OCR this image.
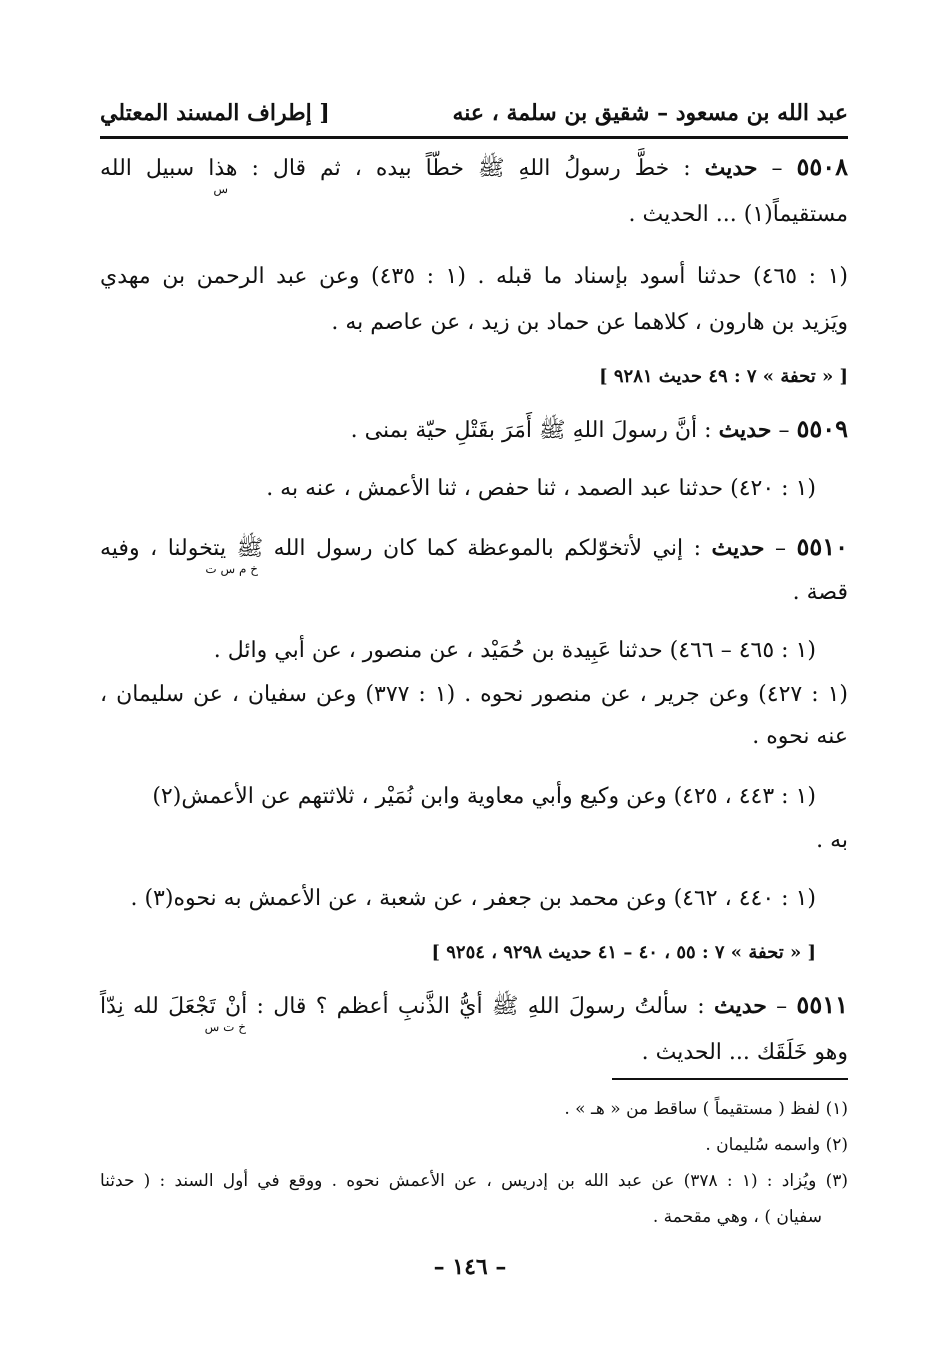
عبد الله بن مسعود – شقيق بن سلمة ، عنه
[ إطراف المسند المعتلي
٥٥٠٨ – حديث : خطَّ رسولُ اللهِ ﷺ خطّاً بيده ، ثم قال : هذا سبيل الله
س
مستقيماً(١) ... الحديث .
(١ : ٤٦٥) حدثنا أسود بإسناد ما قبله . (١ : ٤٣٥) وعن عبد الرحمن بن مهدي
ويَزيد بن هارون ، كلاهما عن حماد بن زيد ، عن عاصم به .
[ « تحفة » ٧ : ٤٩ حديث ٩٢٨١ ]
٥٥٠٩ – حديث : أنَّ رسولَ اللهِ ﷺ أَمَرَ بقَتْلِ حيّة بمنى .
(١ : ٤٢٠) حدثنا عبد الصمد ، ثنا حفص ، ثنا الأعمش ، عنه به .
٥٥١٠ – حديث : إني لأتخوّلكم بالموعظة كما كان رسول الله ﷺ يتخولنا ، وفيه
خ م س ت
قصة .
(١ : ٤٦٥ – ٤٦٦) حدثنا عَبِيدة بن حُمَيْد ، عن منصور ، عن أبي وائل .
(١ : ٤٢٧) وعن جرير ، عن منصور نحوه . (١ : ٣٧٧) وعن سفيان ، عن سليمان ،
عنه نحوه .
(١ : ٤٤٣ ، ٤٢٥) وعن وكيع وأبي معاوية وابن نُمَيْر ، ثلاثتهم عن الأعمش(٢)
به .
(١ : ٤٤٠ ، ٤٦٢) وعن محمد بن جعفر ، عن شعبة ، عن الأعمش به نحوه(٣) .
[ « تحفة » ٧ : ٥٥ ، ٤٠ – ٤١ حديث ٩٢٩٨ ، ٩٢٥٤ ]
٥٥١١ – حديث : سألتُ رسولَ اللهِ ﷺ أيُّ الذَّنبِ أعظم ؟ قال : أنْ تَجْعَلَ لله نِدّاً
خ ت س
وهو خَلَقَك ... الحديث .
(١) لفظ ( مستقيماً ) ساقط من « هـ » .
(٢) واسمه سُليمان .
(٣) ويُزاد : (١ : ٣٧٨) عن عبد الله بن إدريس ، عن الأعمش نحوه . ووقع في أول السند : ( حدثنا
سفيان ) ، وهي مقحمة .
– ١٤٦ –
